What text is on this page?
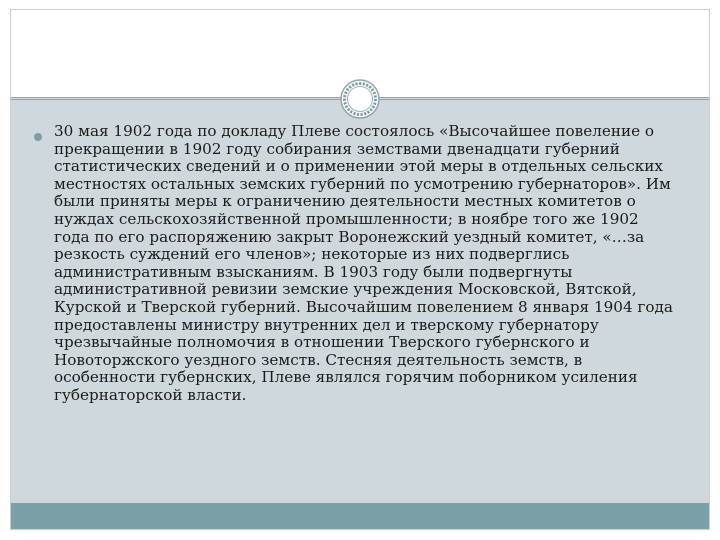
30 мая 1902 года по докладу Плеве состоялось «Высочайшее повеление о прекращении в 1902 году собирания земствами двенадцати губерний статистических сведений и о применении этой меры в отдельных сельских местностях остальных земских губерний по усмотрению губернаторов». Им были приняты меры к ограничению деятельности местных комитетов о нуждах сельскохозяйственной промышленности; в ноябре того же 1902 года по его распоряжению закрыт Воронежский уездный комитет, «…за резкость суждений его членов»; некоторые из них подверглись административным взысканиям. В 1903 году были подвергнуты административной ревизии земские учреждения Московской, Вятской, Курской и Тверской губерний. Высочайшим повелением 8 января 1904 года предоставлены министру внутренних дел и тверскому губернатору чрезвычайные полномочия в отношении Тверского губернского и Новоторжского уездного земств. Стесняя деятельность земств, в особенности губернских, Плеве являлся горячим поборником усиления губернаторской власти.
